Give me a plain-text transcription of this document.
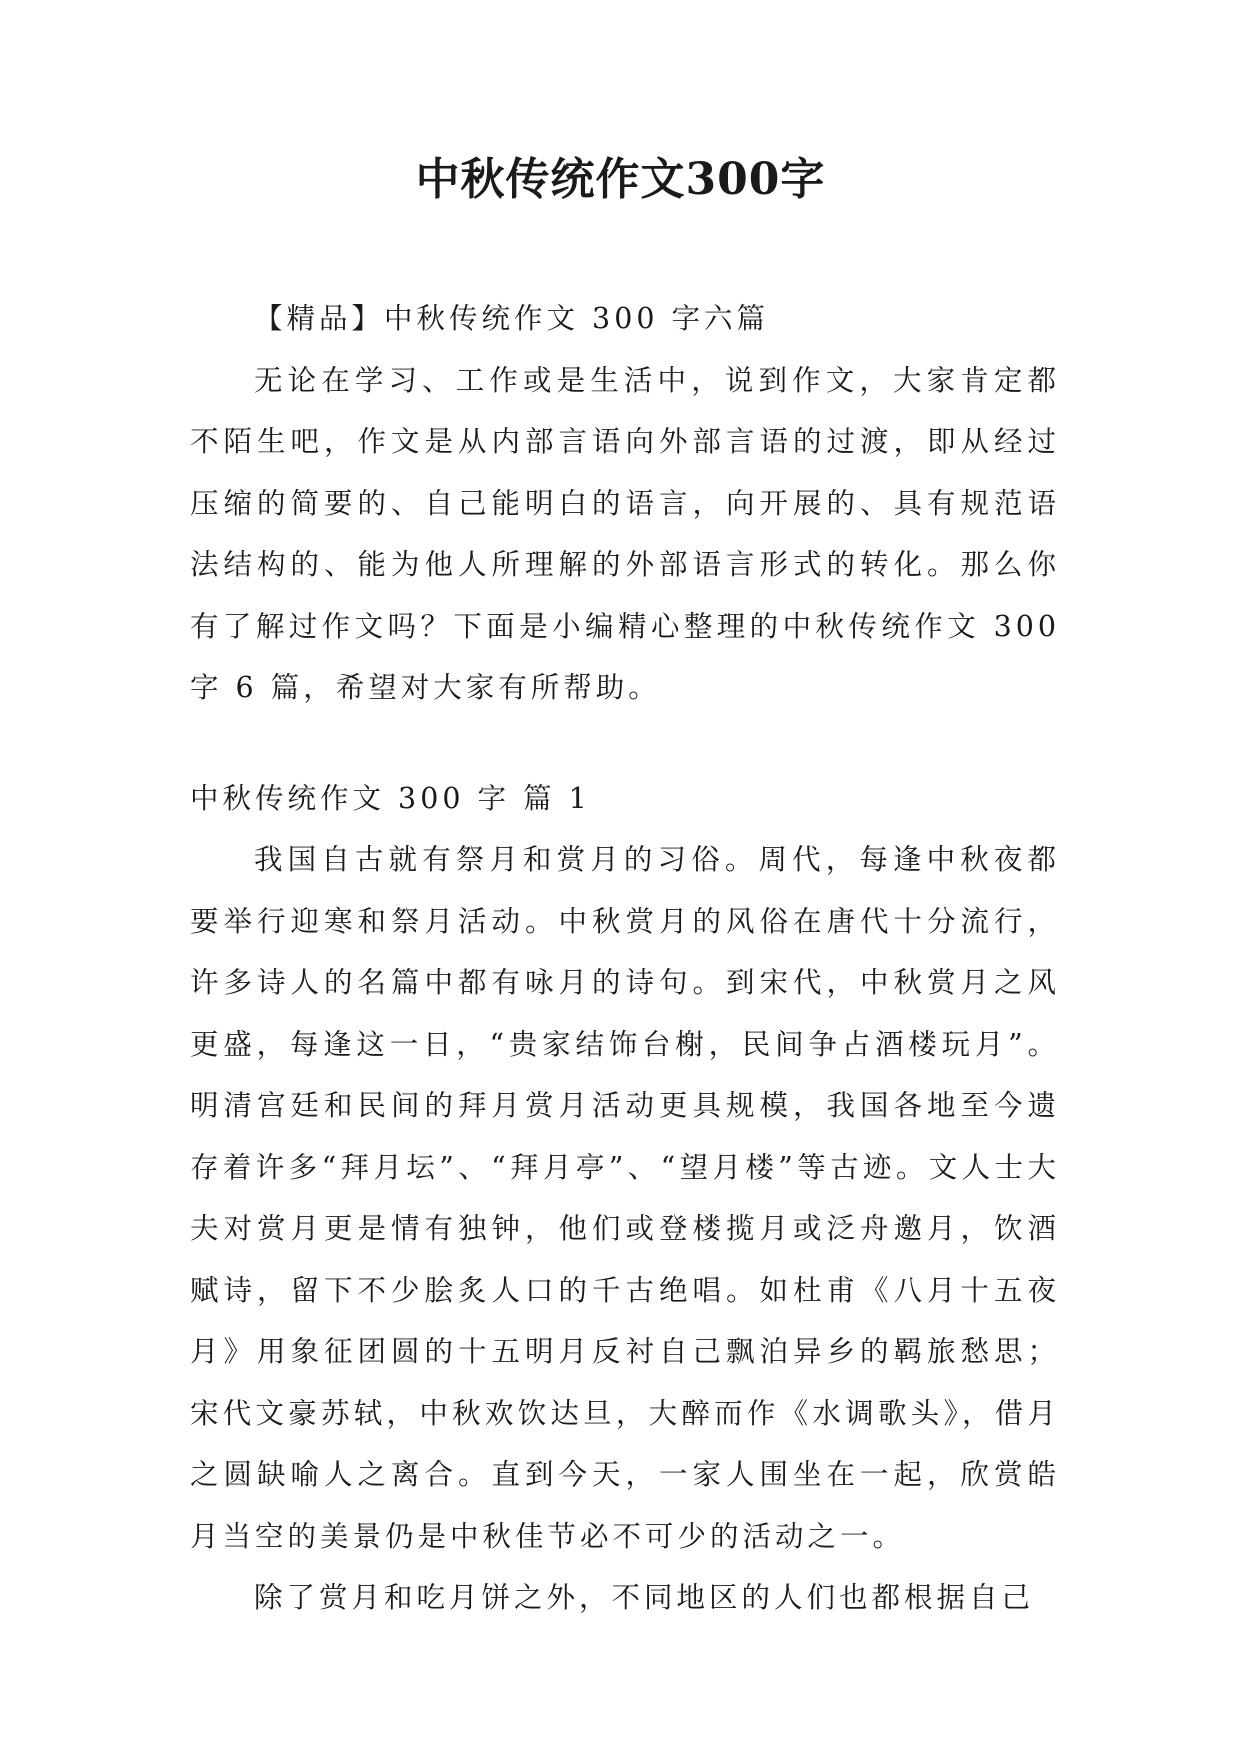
中秋传统作文300字

【精品】中秋传统作文 300 字六篇

无论在学习、工作或是生活中，说到作文，大家肯定都不陌生吧，作文是从内部言语向外部言语的过渡，即从经过压缩的简要的、自己能明白的语言，向开展的、具有规范语法结构的、能为他人所理解的外部语言形式的转化。那么你有了解过作文吗？下面是小编精心整理的中秋传统作文 300 字 6 篇，希望对大家有所帮助。

中秋传统作文 300 字 篇 1

我国自古就有祭月和赏月的习俗。周代，每逢中秋夜都要举行迎寒和祭月活动。中秋赏月的风俗在唐代十分流行，许多诗人的名篇中都有咏月的诗句。到宋代，中秋赏月之风更盛，每逢这一日，“贵家结饰台榭，民间争占酒楼玩月”。明清宫廷和民间的拜月赏月活动更具规模，我国各地至今遗存着许多“拜月坛”、“拜月亭”、“望月楼”等古迹。文人士大夫对赏月更是情有独钟，他们或登楼揽月或泛舟邀月，饮酒赋诗，留下不少脍炙人口的千古绝唱。如杜甫《八月十五夜月》用象征团圆的十五明月反衬自己飘泊异乡的羁旅愁思；宋代文豪苏轼，中秋欢饮达旦，大醉而作《水调歌头》，借月之圆缺喻人之离合。直到今天，一家人围坐在一起，欣赏皓月当空的美景仍是中秋佳节必不可少的活动之一。

除了赏月和吃月饼之外，不同地区的人们也都根据自己
